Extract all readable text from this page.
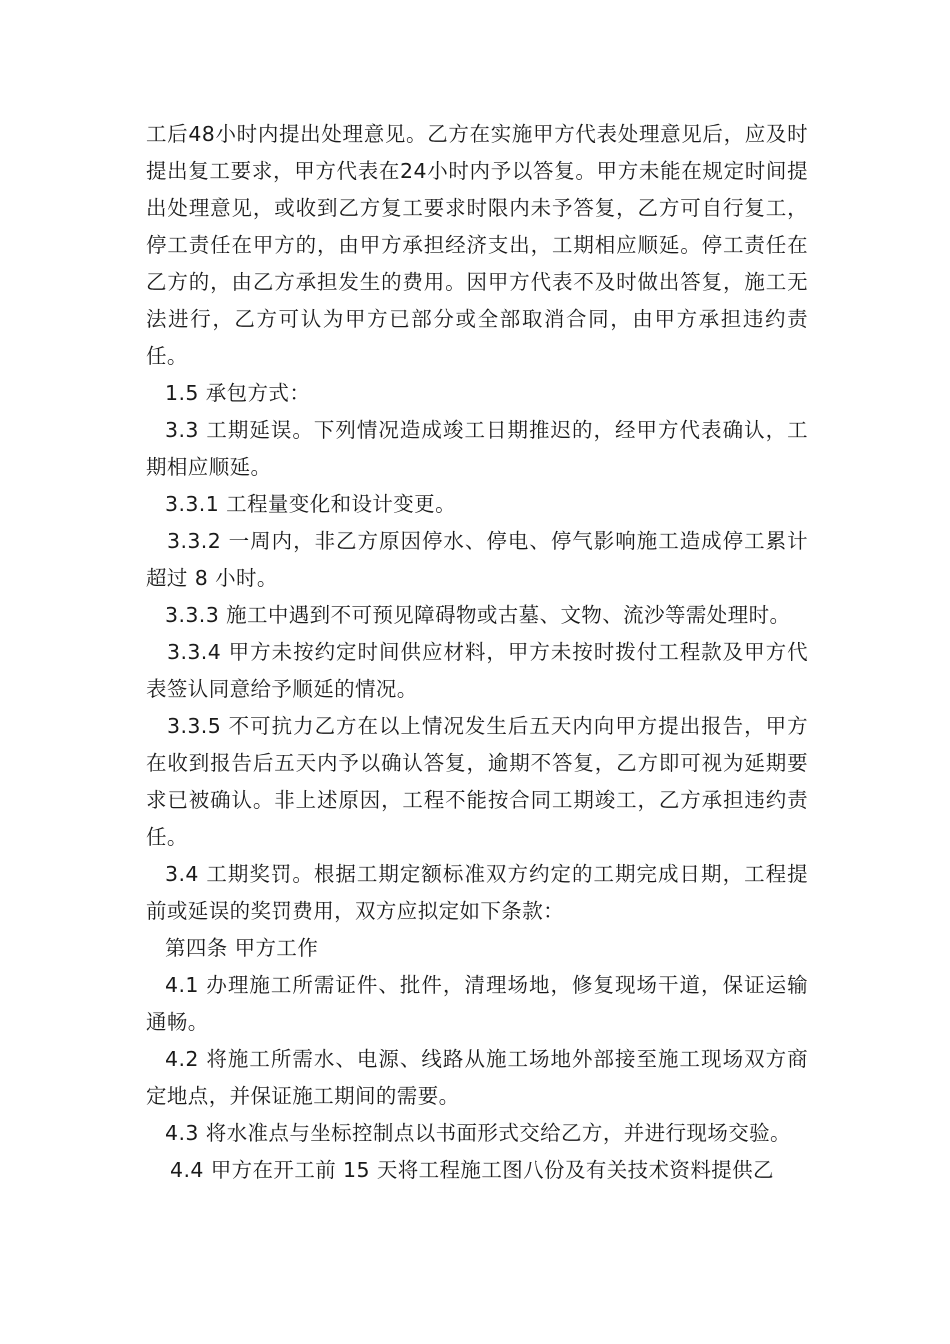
工后48小时内提出处理意见。乙方在实施甲方代表处理意见后，应及时提出复工要求，甲方代表在24小时内予以答复。甲方未能在规定时间提出处理意见，或收到乙方复工要求时限内未予答复，乙方可自行复工，停工责任在甲方的，由甲方承担经济支出，工期相应顺延。停工责任在乙方的，由乙方承担发生的费用。因甲方代表不及时做出答复，施工无法进行，乙方可认为甲方已部分或全部取消合同，由甲方承担违约责任。

1.5 承包方式：

3.3 工期延误。下列情况造成竣工日期推迟的，经甲方代表确认，工期相应顺延。

3.3.1 工程量变化和设计变更。

3.3.2 一周内，非乙方原因停水、停电、停气影响施工造成停工累计超过 8 小时。

3.3.3 施工中遇到不可预见障碍物或古墓、文物、流沙等需处理时。

3.3.4 甲方未按约定时间供应材料，甲方未按时拨付工程款及甲方代表签认同意给予顺延的情况。

3.3.5 不可抗力乙方在以上情况发生后五天内向甲方提出报告，甲方在收到报告后五天内予以确认答复，逾期不答复，乙方即可视为延期要求已被确认。非上述原因，工程不能按合同工期竣工，乙方承担违约责任。

3.4 工期奖罚。根据工期定额标准双方约定的工期完成日期，工程提前或延误的奖罚费用，双方应拟定如下条款：

第四条 甲方工作

4.1 办理施工所需证件、批件，清理场地，修复现场干道，保证运输通畅。

4.2 将施工所需水、电源、线路从施工场地外部接至施工现场双方商定地点，并保证施工期间的需要。

4.3 将水准点与坐标控制点以书面形式交给乙方，并进行现场交验。

4.4 甲方在开工前 15 天将工程施工图八份及有关技术资料提供乙
